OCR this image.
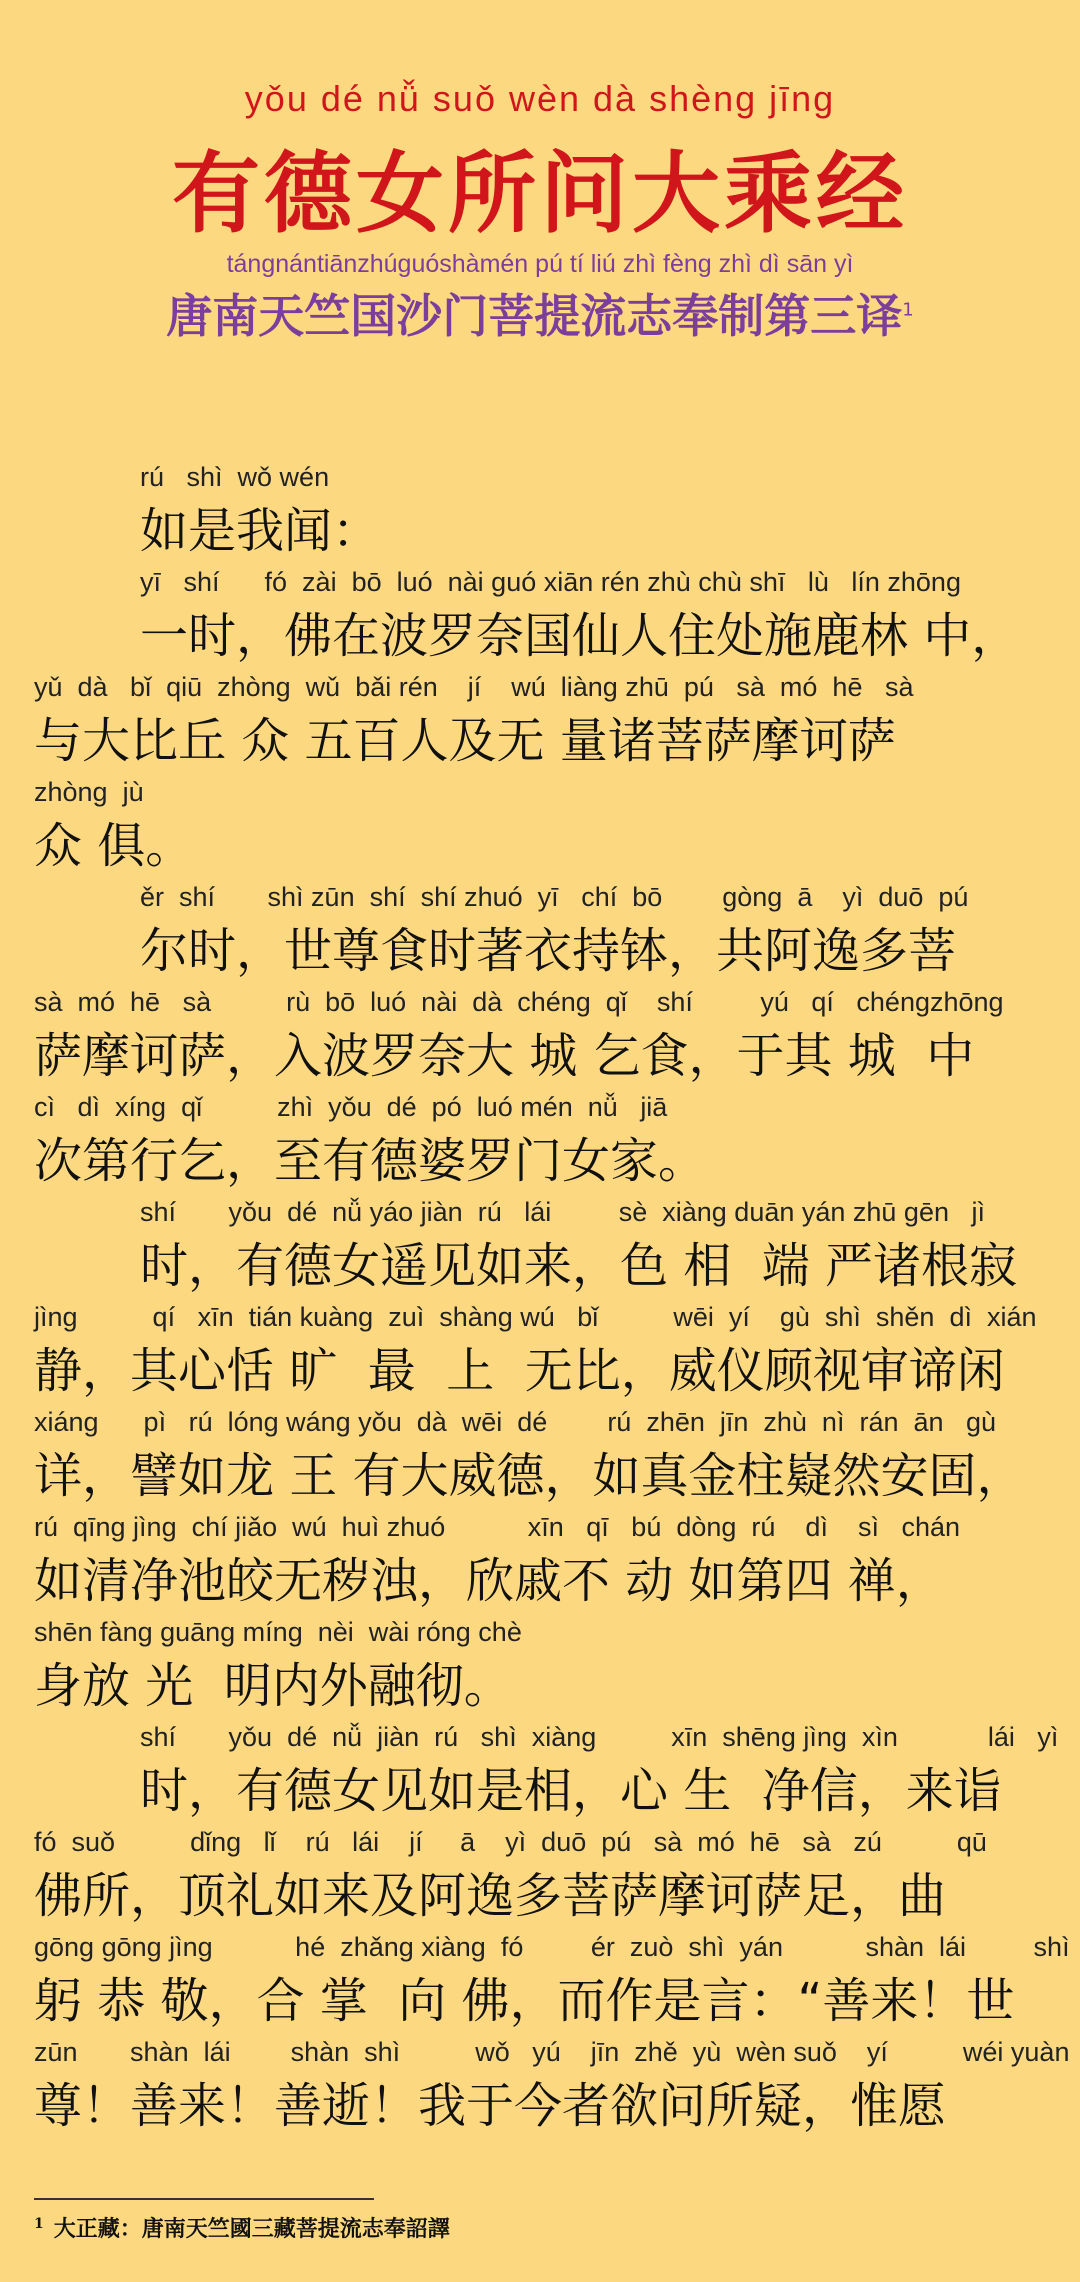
yǒu dé nǚ suǒ wèn dà shèng jīng
有德女所问大乘经
tángnántiānzhúguóshàmén pú tí liú zhì fèng zhì dì sān yì
唐南天竺国沙门菩提流志奉制第三译$^1$
rú   shì  wǒ wén
如是我闻：
yī   shí      fó  zài  bō  luó  nài guó xiān rén zhù chù shī   lù   lín zhōng
一时，佛在波罗奈国仙人住处施鹿林 中，
yǔ  dà   bǐ  qiū  zhòng  wǔ  bǎi rén    jí    wú  liàng zhū  pú   sà  mó  hē   sà
与大比丘 众 五百人及无 量诸菩萨摩诃萨
zhòng  jù
众 俱。
ěr  shí       shì zūn  shí  shí zhuó  yī   chí  bō        gòng  ā    yì  duō  pú
尔时，世尊食时著衣持钵，共阿逸多菩
sà  mó  hē   sà          rù  bō  luó  nài  dà  chéng  qǐ    shí         yú   qí   chéngzhōng
萨摩诃萨，入波罗奈大 城 乞食，于其 城  中
cì   dì  xíng  qǐ          zhì  yǒu  dé  pó  luó mén  nǚ   jiā
次第行乞，至有德婆罗门女家。
shí       yǒu  dé  nǚ yáo jiàn  rú   lái         sè  xiàng duān yán zhū gēn   jì
时，有德女遥见如来，色 相  端 严诸根寂
jìng          qí   xīn  tián kuàng  zuì  shàng wú   bǐ          wēi  yí    gù  shì  shěn  dì  xián
静，其心恬 旷  最  上  无比，威仪顾视审谛闲
xiáng      pì   rú  lóng wáng yǒu  dà  wēi  dé        rú  zhēn  jīn  zhù  nì  rán  ān   gù
详，譬如龙 王 有大威德，如真金柱嶷然安固，
rú  qīng jìng  chí jiǎo  wú  huì zhuó           xīn   qī   bú  dòng  rú    dì    sì   chán
如清净池皎无秽浊，欣戚不 动 如第四 禅，
shēn fàng guāng míng  nèi  wài róng chè
身放 光  明内外融彻。
shí       yǒu  dé  nǚ  jiàn  rú   shì  xiàng          xīn  shēng jìng  xìn            lái   yì
时，有德女见如是相，心 生  净信，来诣
fó  suǒ          dǐng   lǐ    rú   lái    jí     ā    yì  duō  pú   sà  mó  hē   sà   zú          qū
佛所，顶礼如来及阿逸多菩萨摩诃萨足，曲
gōng gōng jìng           hé  zhǎng xiàng  fó         ér  zuò  shì  yán           shàn  lái         shì
躬 恭 敬，合 掌  向 佛，而作是言：“善来！世
zūn       shàn  lái        shàn  shì          wǒ   yú    jīn  zhě  yù  wèn suǒ    yí          wéi yuàn
尊！善来！善逝！我于今者欲问所疑，惟愿
$^1$ 大正藏：唐南天竺國三藏菩提流志奉詔譯
